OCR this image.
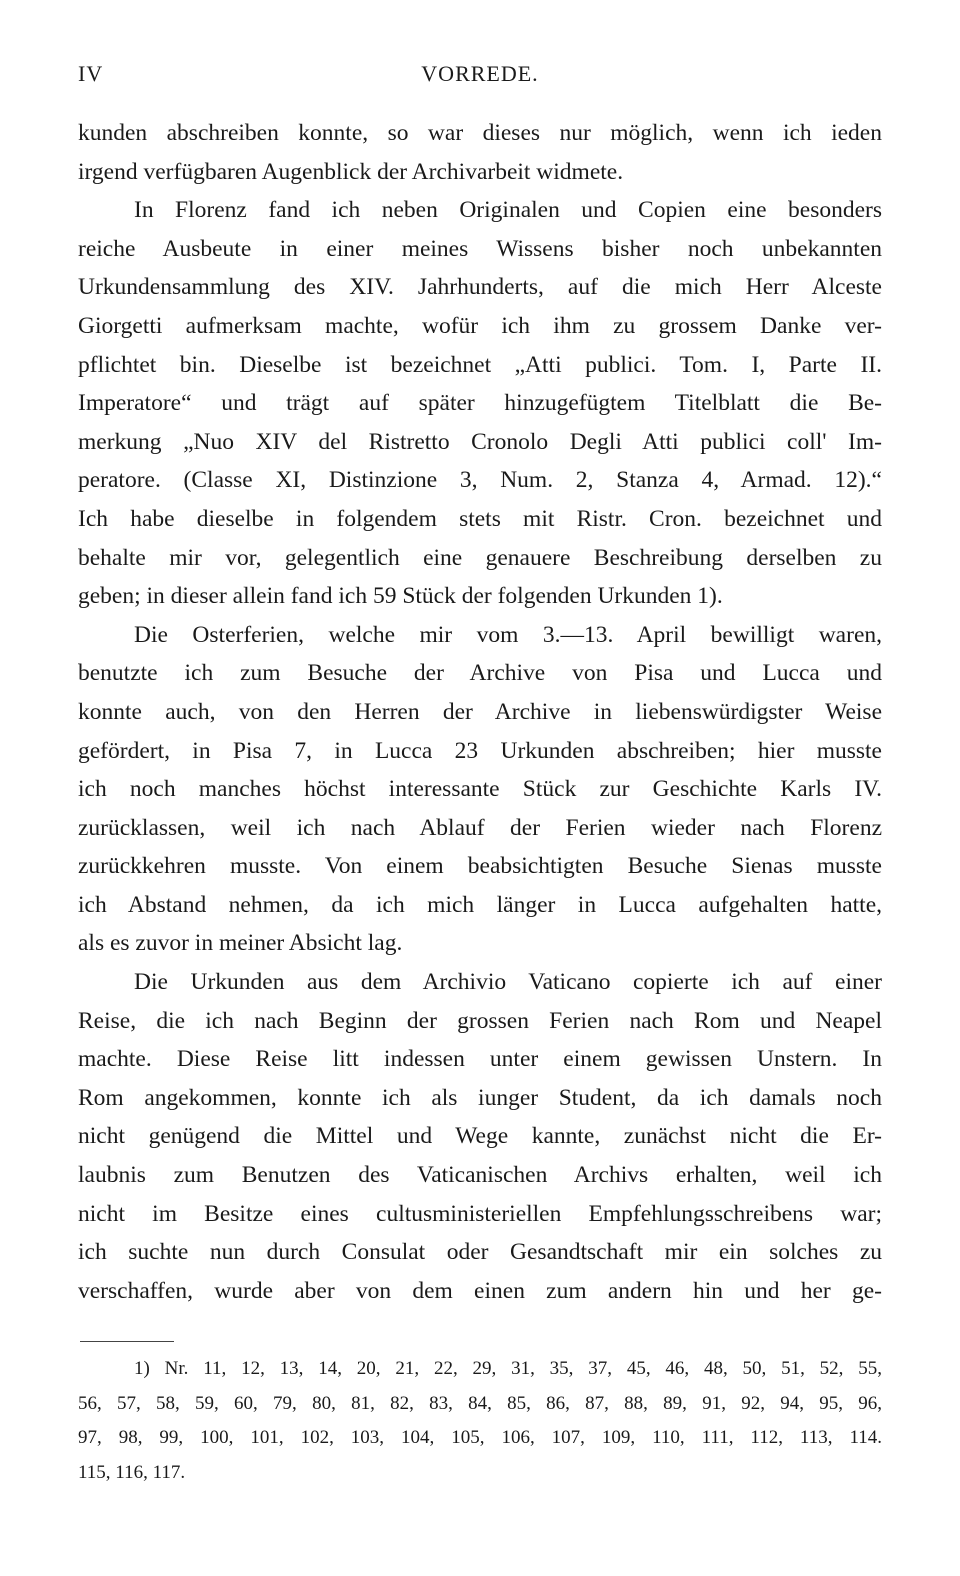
IV	VORREDE.
kunden abschreiben konnte, so war dieses nur möglich, wenn ich ieden
irgend verfügbaren Augenblick der Archivarbeit widmete.
In Florenz fand ich neben Originalen und Copien eine besonders
reiche Ausbeute in einer meines Wissens bisher noch unbekannten
Urkundensammlung des XIV. Jahrhunderts, auf die mich Herr Alceste
Giorgetti aufmerksam machte, wofür ich ihm zu grossem Danke ver-
pflichtet bin. Dieselbe ist bezeichnet „Atti publici. Tom. I, Parte II.
Imperatore“ und trägt auf später hinzugefügtem Titelblatt die Be-
merkung „Nuo XIV del Ristretto Cronolo Degli Atti publici coll' Im-
peratore. (Classe XI, Distinzione 3, Num. 2, Stanza 4, Armad. 12).“
Ich habe dieselbe in folgendem stets mit Ristr. Cron. bezeichnet und
behalte mir vor, gelegentlich eine genauere Beschreibung derselben zu
geben; in dieser allein fand ich 59 Stück der folgenden Urkunden 1).
Die Osterferien, welche mir vom 3.—13. April bewilligt waren,
benutzte ich zum Besuche der Archive von Pisa und Lucca und
konnte auch, von den Herren der Archive in liebenswürdigster Weise
gefördert, in Pisa 7, in Lucca 23 Urkunden abschreiben; hier musste
ich noch manches höchst interessante Stück zur Geschichte Karls IV.
zurücklassen, weil ich nach Ablauf der Ferien wieder nach Florenz
zurückkehren musste. Von einem beabsichtigten Besuche Sienas musste
ich Abstand nehmen, da ich mich länger in Lucca aufgehalten hatte,
als es zuvor in meiner Absicht lag.
Die Urkunden aus dem Archivio Vaticano copierte ich auf einer
Reise, die ich nach Beginn der grossen Ferien nach Rom und Neapel
machte. Diese Reise litt indessen unter einem gewissen Unstern. In
Rom angekommen, konnte ich als iunger Student, da ich damals noch
nicht genügend die Mittel und Wege kannte, zunächst nicht die Er-
laubnis zum Benutzen des Vaticanischen Archivs erhalten, weil ich
nicht im Besitze eines cultusministeriellen Empfehlungsschreibens war;
ich suchte nun durch Consulat oder Gesandtschaft mir ein solches zu
verschaffen, wurde aber von dem einen zum andern hin und her ge-
1) Nr. 11, 12, 13, 14, 20, 21, 22, 29, 31, 35, 37, 45, 46, 48, 50, 51, 52, 55,
56, 57, 58, 59, 60, 79, 80, 81, 82, 83, 84, 85, 86, 87, 88, 89, 91, 92, 94, 95, 96,
97, 98, 99, 100, 101, 102, 103, 104, 105, 106, 107, 109, 110, 111, 112, 113, 114.
115, 116, 117.
